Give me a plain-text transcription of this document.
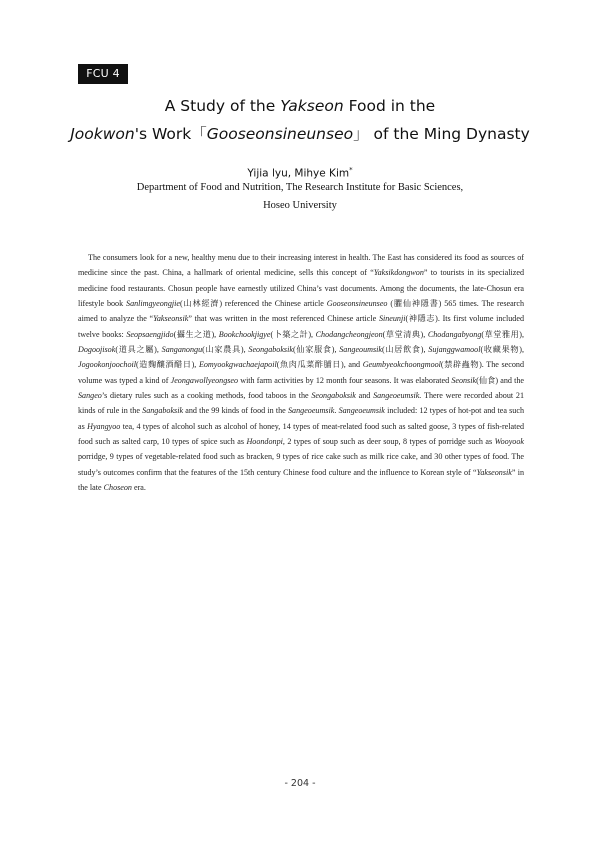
FCU 4
A Study of the Yakseon Food in the
Jookwon's Work「Gooseonsineunseo」 of the Ming Dynasty
Yijia lyu, Mihye Kim*
Department of Food and Nutrition, The Research Institute for Basic Sciences,
Hoseo University

The consumers look for a new, healthy menu due to their increasing interest in health. The East has considered its food as sources of medicine since the past. China, a hallmark of oriental medicine, sells this concept of “Yaksikdongwon” to tourists in its specialized medicine food restaurants. Chosun people have earnestly utilized China’s vast documents. Among the documents, the late-Chosun era lifestyle book Sanlimgyeongjie(山林經濟) referenced the Chinese article Gooseonsineunseo (臞仙神隱書) 565 times. The research aimed to analyze the “Yakseonsik” that was written in the most referenced Chinese article Sineunji(神隱志). Its first volume included twelve books: Seopsaengjido(攝生之道), Bookchookjigye(卜築之計), Chodangcheongjeon(草堂清典), Chodangabyong(草堂雅用), Dogoojisok(道具之屬), Sanganongu(山家農具), Seongaboksik(仙家服食), Sangeoumsik(山居飲食), Sujanggwamool(收藏果物), Jogookonjoochoil(造麴釀酒醋日), Eomyookgwachaejapoil(魚肉瓜菜酢脯日), and Geumbyeokchoongmool(禁辟蟲物). The second volume was typed a kind of Jeongawollyeongseo with farm activities by 12 month four seasons. It was elaborated Seonsik(仙食) and the Sangeo’s dietary rules such as a cooking methods, food taboos in the Seongaboksik and Sangeoeumsik. There were recorded about 21 kinds of rule in the Sangaboksik and the 99 kinds of food in the Sangeoeumsik. Sangeoeumsik included: 12 types of hot-pot and tea such as Hyangyoo tea, 4 types of alcohol such as alcohol of honey, 14 types of meat-related food such as salted goose, 3 types of fish-related food such as salted carp, 10 types of spice such as Hoondonpi, 2 types of soup such as deer soup, 8 types of porridge such as Wooyook porridge, 9 types of vegetable-related food such as bracken, 9 types of rice cake such as milk rice cake, and 30 other types of food. The study’s outcomes confirm that the features of the 15th century Chinese food culture and the influence to Korean style of “Yakseonsik” in the late Choseon era.

- 204 -
